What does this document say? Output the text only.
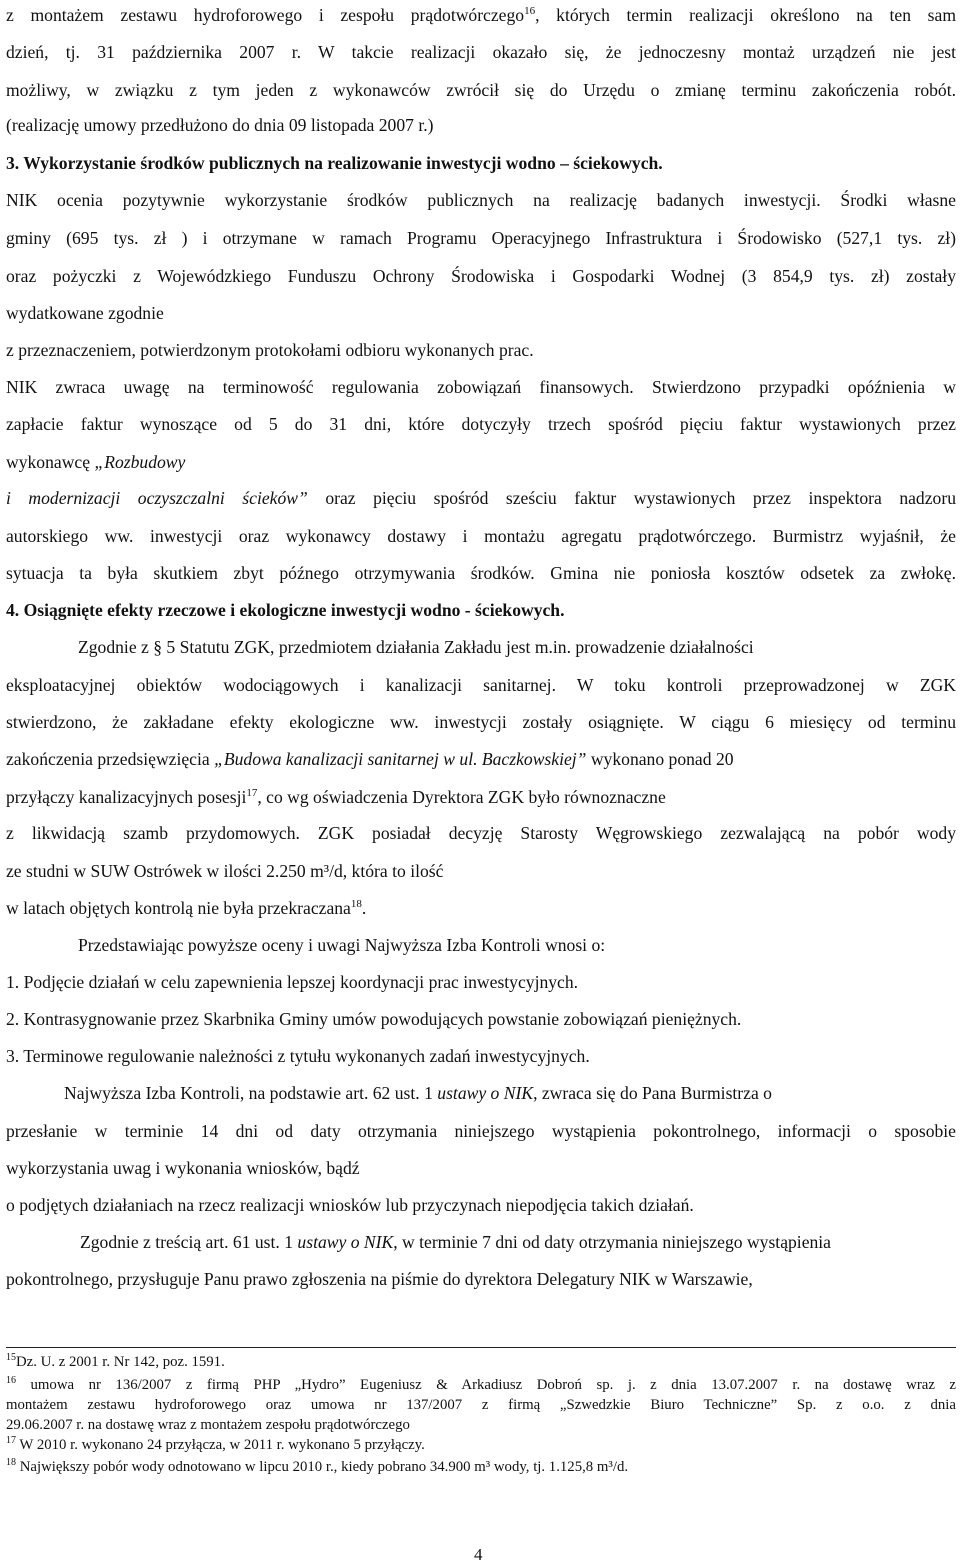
z montażem zestawu hydroforowego i zespołu prądotwórczego$^{16}$, których termin realizacji określono na ten sam
dzień, tj. 31 października 2007 r. W takcie realizacji okazało się, że jednoczesny montaż urządzeń nie jest
możliwy, w związku z tym jeden z wykonawców zwrócił się do Urzędu o zmianę terminu zakończenia robót.
(realizację umowy przedłużono do dnia 09 listopada 2007 r.)
3. Wykorzystanie środków publicznych na realizowanie inwestycji wodno – ściekowych.
NIK ocenia pozytywnie wykorzystanie środków publicznych na realizację badanych inwestycji. Środki własne
gminy (695 tys. zł ) i otrzymane w ramach Programu Operacyjnego Infrastruktura i Środowisko (527,1 tys. zł)
oraz pożyczki z Wojewódzkiego Funduszu Ochrony Środowiska i Gospodarki Wodnej (3 854,9 tys. zł) zostały
wydatkowane zgodnie
z przeznaczeniem, potwierdzonym protokołami odbioru wykonanych prac.
NIK zwraca uwagę na terminowość regulowania zobowiązań finansowych. Stwierdzono przypadki opóźnienia w
zapłacie faktur wynoszące od 5 do 31 dni, które dotyczyły trzech spośród pięciu faktur wystawionych przez
wykonawcę „Rozbudowy
i modernizacji oczyszczalni ścieków” oraz pięciu spośród sześciu faktur wystawionych przez inspektora nadzoru
autorskiego ww. inwestycji oraz wykonawcy dostawy i montażu agregatu prądotwórczego. Burmistrz wyjaśnił, że
sytuacja ta była skutkiem zbyt późnego otrzymywania środków. Gmina nie poniosła kosztów odsetek za zwłokę.
4. Osiągnięte efekty rzeczowe i ekologiczne inwestycji wodno - ściekowych.
Zgodnie z § 5 Statutu ZGK, przedmiotem działania Zakładu jest m.in. prowadzenie działalności
eksploatacyjnej obiektów wodociągowych i kanalizacji sanitarnej. W toku kontroli przeprowadzonej w ZGK
stwierdzono, że zakładane efekty ekologiczne ww. inwestycji zostały osiągnięte. W ciągu 6 miesięcy od terminu
zakończenia przedsięwzięcia „Budowa kanalizacji sanitarnej w ul. Baczkowskiej” wykonano ponad 20
przyłączy kanalizacyjnych posesji$^{17}$, co wg oświadczenia Dyrektora ZGK było równoznaczne
z likwidacją szamb przydomowych. ZGK posiadał decyzję Starosty Węgrowskiego zezwalającą na pobór wody
ze studni w SUW Ostrówek w ilości 2.250 m³/d, która to ilość
w latach objętych kontrolą nie była przekraczana$^{18}$.
Przedstawiając powyższe oceny i uwagi Najwyższa Izba Kontroli wnosi o:
1. Podjęcie działań w celu zapewnienia lepszej koordynacji prac inwestycyjnych.
2. Kontrasygnowanie przez Skarbnika Gminy umów powodujących powstanie zobowiązań pieniężnych.
3. Terminowe regulowanie należności z tytułu wykonanych zadań inwestycyjnych.
Najwyższa Izba Kontroli, na podstawie art. 62 ust. 1 ustawy o NIK, zwraca się do Pana Burmistrza o
przesłanie w terminie 14 dni od daty otrzymania niniejszego wystąpienia pokontrolnego, informacji o sposobie
wykorzystania uwag i wykonania wniosków, bądź
o podjętych działaniach na rzecz realizacji wniosków lub przyczynach niepodjęcia takich działań.
Zgodnie z treścią art. 61 ust. 1 ustawy o NIK, w terminie 7 dni od daty otrzymania niniejszego wystąpienia
pokontrolnego, przysługuje Panu prawo zgłoszenia na piśmie do dyrektora Delegatury NIK w Warszawie,
$^{15}$Dz. U. z 2001 r. Nr 142, poz. 1591.
$^{16}$ umowa nr 136/2007 z firmą PHP „Hydro” Eugeniusz & Arkadiusz Dobroń sp. j. z dnia 13.07.2007 r. na dostawę wraz z
montażem zestawu hydroforowego oraz umowa nr 137/2007 z firmą „Szwedzkie Biuro Techniczne” Sp. z o.o. z dnia
29.06.2007 r. na dostawę wraz z montażem zespołu prądotwórczego
$^{17}$ W 2010 r. wykonano 24 przyłącza, w 2011 r. wykonano 5 przyłączy.
$^{18}$ Największy pobór wody odnotowano w lipcu 2010 r., kiedy pobrano 34.900 m³ wody, tj. 1.125,8 m³/d.
4
